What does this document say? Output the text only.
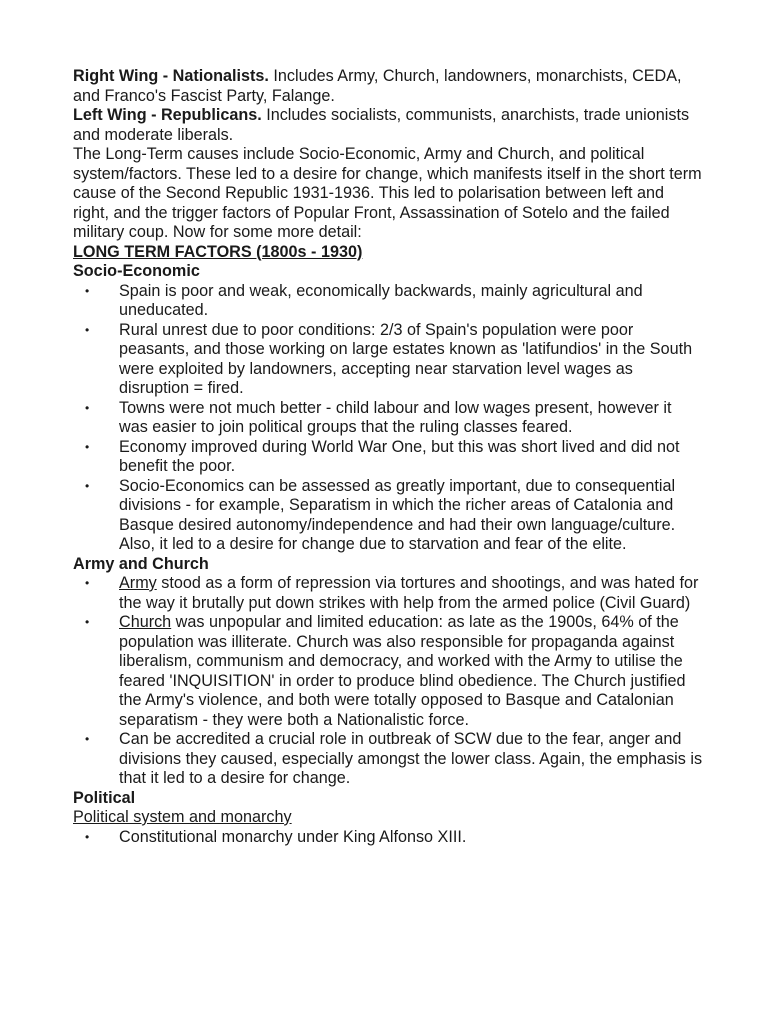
Right Wing - Nationalists. Includes Army, Church, landowners, monarchists, CEDA, and Franco's Fascist Party, Falange.

Left Wing - Republicans. Includes socialists, communists, anarchists, trade unionists and moderate liberals.

The Long-Term causes include Socio-Economic, Army and Church, and political system/factors. These led to a desire for change, which manifests itself in the short term cause of the Second Republic 1931-1936. This led to polarisation between left and right, and the trigger factors of Popular Front, Assassination of Sotelo and the failed military coup. Now for some more detail:

LONG TERM FACTORS (1800s - 1930)

Socio-Economic

• Spain is poor and weak, economically backwards, mainly agricultural and uneducated.
• Rural unrest due to poor conditions: 2/3 of Spain's population were poor peasants, and those working on large estates known as 'latifundios' in the South were exploited by landowners, accepting near starvation level wages as disruption = fired.
• Towns were not much better - child labour and low wages present, however it was easier to join political groups that the ruling classes feared.
• Economy improved during World War One, but this was short lived and did not benefit the poor.
• Socio-Economics can be assessed as greatly important, due to consequential divisions - for example, Separatism in which the richer areas of Catalonia and Basque desired autonomy/independence and had their own language/culture. Also, it led to a desire for change due to starvation and fear of the elite.

Army and Church

• Army stood as a form of repression via tortures and shootings, and was hated for the way it brutally put down strikes with help from the armed police (Civil Guard)
• Church was unpopular and limited education: as late as the 1900s, 64% of the population was illiterate. Church was also responsible for propaganda against liberalism, communism and democracy, and worked with the Army to utilise the feared 'INQUISITION' in order to produce blind obedience. The Church justified the Army's violence, and both were totally opposed to Basque and Catalonian separatism - they were both a Nationalistic force.
• Can be accredited a crucial role in outbreak of SCW due to the fear, anger and divisions they caused, especially amongst the lower class. Again, the emphasis is that it led to a desire for change.

Political

Political system and monarchy

• Constitutional monarchy under King Alfonso XIII.
